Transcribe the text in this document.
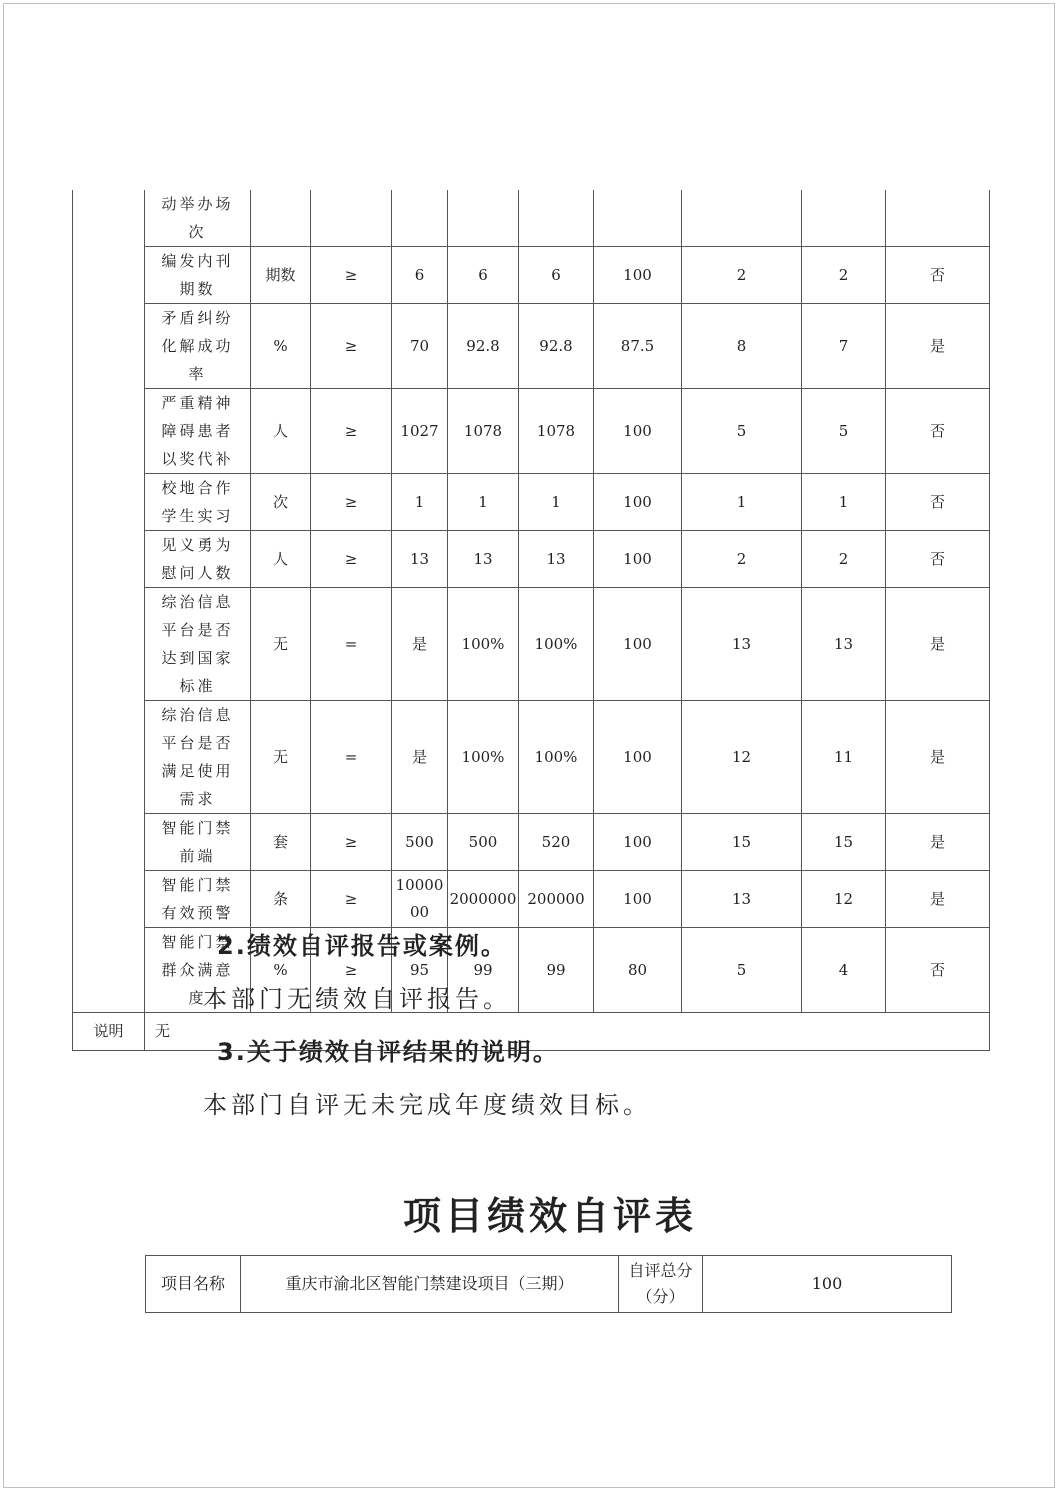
	动举办场次									
	编发内刊期数	期数	≥	6	6	6	100	2	2	否
	矛盾纠纷化解成功率	%	≥	70	92.8	92.8	87.5	8	7	是
	严重精神障碍患者以奖代补	人	≥	1027	1078	1078	100	5	5	否
	校地合作学生实习	次	≥	1	1	1	100	1	1	否
	见义勇为慰问人数	人	≥	13	13	13	100	2	2	否
	综治信息平台是否达到国家标准	无	=	是	100%	100%	100	13	13	是
	综治信息平台是否满足使用需求	无	=	是	100%	100%	100	12	11	是
	智能门禁前端	套	≥	500	500	520	100	15	15	是
	智能门禁有效预警	条	≥	1000000	2000000	200000	100	13	12	是
	智能门禁群众满意度	%	≥	95	99	99	80	5	4	否
说明	无									
2.绩效自评报告或案例。
本部门无绩效自评报告。
3.关于绩效自评结果的说明。
本部门自评无未完成年度绩效目标。
项目绩效自评表
项目名称	重庆市渝北区智能门禁建设项目（三期）	自评总分（分）	100
